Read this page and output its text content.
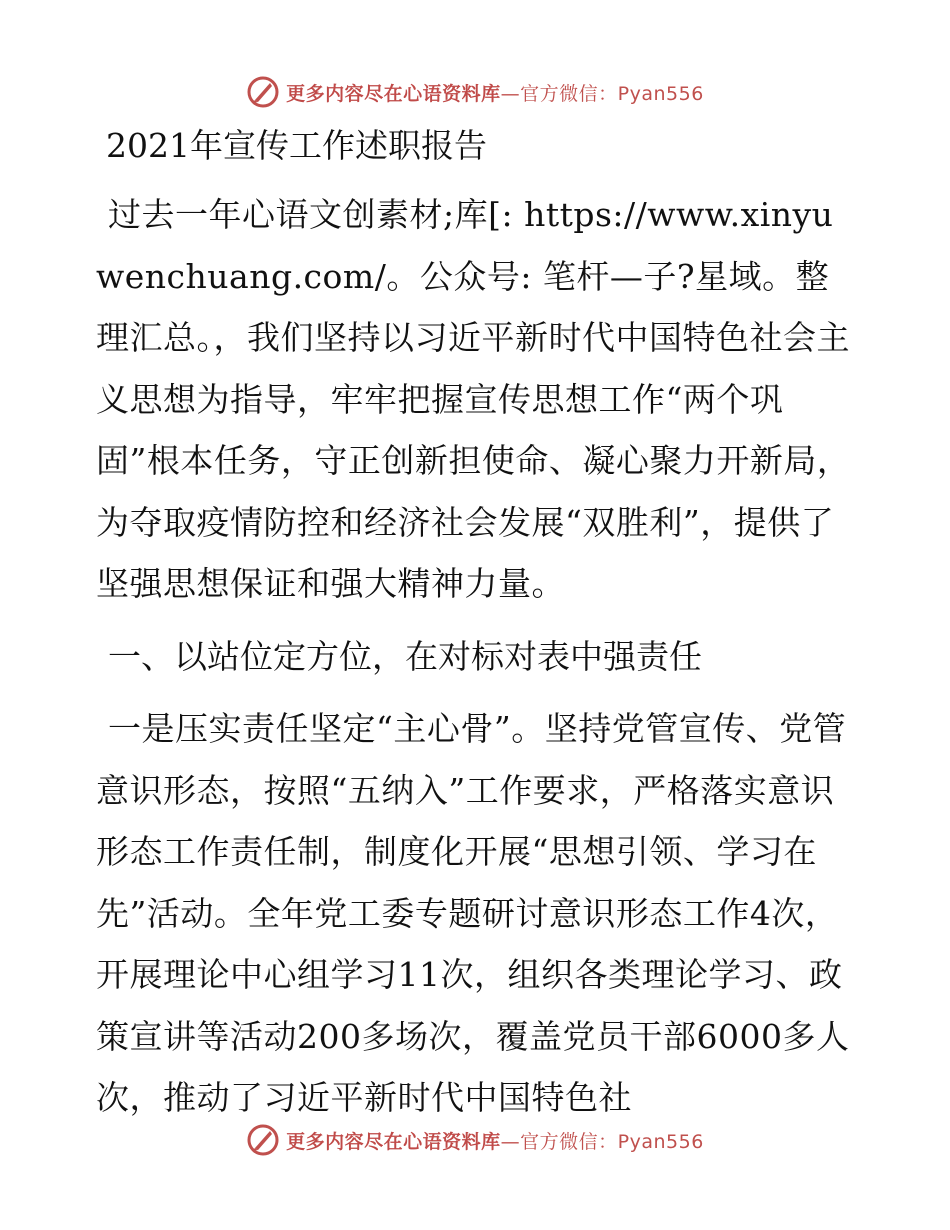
更多内容尽在心语资料库—官方微信：Pyan556
2021年宣传工作述职报告
过去一年心语文创素材;库[: https://www.xinyuwenchuang.com/。公众号: 笔杆—子?星域。整理汇总。，我们坚持以习近平新时代中国特色社会主义思想为指导，牢牢把握宣传思想工作“两个巩固”根本任务，守正创新担使命、凝心聚力开新局，为夺取疫情防控和经济社会发展“双胜利”，提供了坚强思想保证和强大精神力量。
一、以站位定方位，在对标对表中强责任
一是压实责任坚定“主心骨”。坚持党管宣传、党管意识形态，按照“五纳入”工作要求，严格落实意识形态工作责任制，制度化开展“思想引领、学习在先”活动。全年党工委专题研讨意识形态工作4次，开展理论中心组学习11次，组织各类理论学习、政策宣讲等活动200多场次，覆盖党员干部6000多人次，推动了习近平新时代中国特色社
更多内容尽在心语资料库—官方微信：Pyan556
